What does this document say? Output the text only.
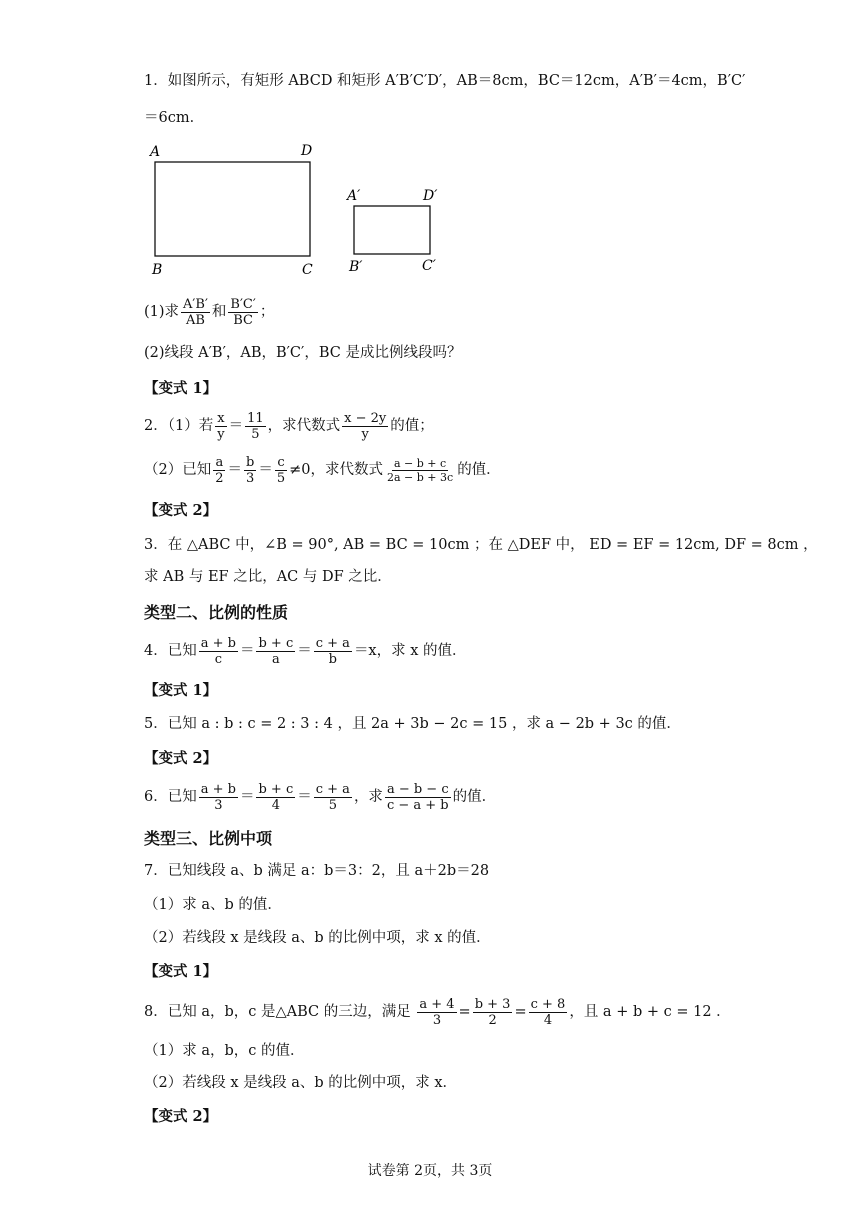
1．如图所示，有矩形 ABCD 和矩形 A′B′C′D′，AB＝8cm，BC＝12cm，A′B′＝4cm，B′C′
＝6cm．
A	D
B	C
A′	D′
B′	C′
(1)求 $\frac{A'B'}{AB}$ 和 $\frac{B'C'}{BC}$ ；
(2)线段 A′B′，AB，B′C′，BC 是成比例线段吗？
【变式 1】
2．（1）若 $\frac{x}{y} = \frac{11}{5}$ ，求代数式 $\frac{x - 2y}{y}$ 的值；
（2）已知 $\frac{a}{2} = \frac{b}{3} = \frac{c}{5} \ne 0$，求代数式 $\frac{a - b + c}{2a - b + 3c}$ 的值．
【变式 2】
3．在 △ABC 中，∠B = 90°, AB = BC = 10cm ；在 △DEF 中， ED = EF = 12cm, DF = 8cm ，
求 AB 与 EF 之比，AC 与 DF 之比．
类型二、比例的性质
4．已知 $\frac{a + b}{c} = \frac{b + c}{a} = \frac{c + a}{b} =x$，求 x 的值．
【变式 1】
5．已知 a : b : c = 2 : 3 : 4 ，且 2a + 3b − 2c = 15 ，求 a − 2b + 3c 的值．
【变式 2】
6．已知 $\frac{a + b}{3} = \frac{b + c}{4} = \frac{c + a}{5}$ ，求 $\frac{a - b - c}{c - a + b}$ 的值．
类型三、比例中项
7．已知线段 a、b 满足 a：b＝3：2，且 a＋2b＝28
（1）求 a、b 的值．
（2）若线段 x 是线段 a、b 的比例中项，求 x 的值．
【变式 1】
8．已知 a，b，c 是△ABC 的三边，满足 $\frac{a + 4}{3} = \frac{b + 3}{2} = \frac{c + 8}{4}$ ，且 a + b + c = 12 ．
（1）求 a，b，c 的值．
（2）若线段 x 是线段 a、b 的比例中项，求 x．
【变式 2】
试卷第 2页，共 3页
